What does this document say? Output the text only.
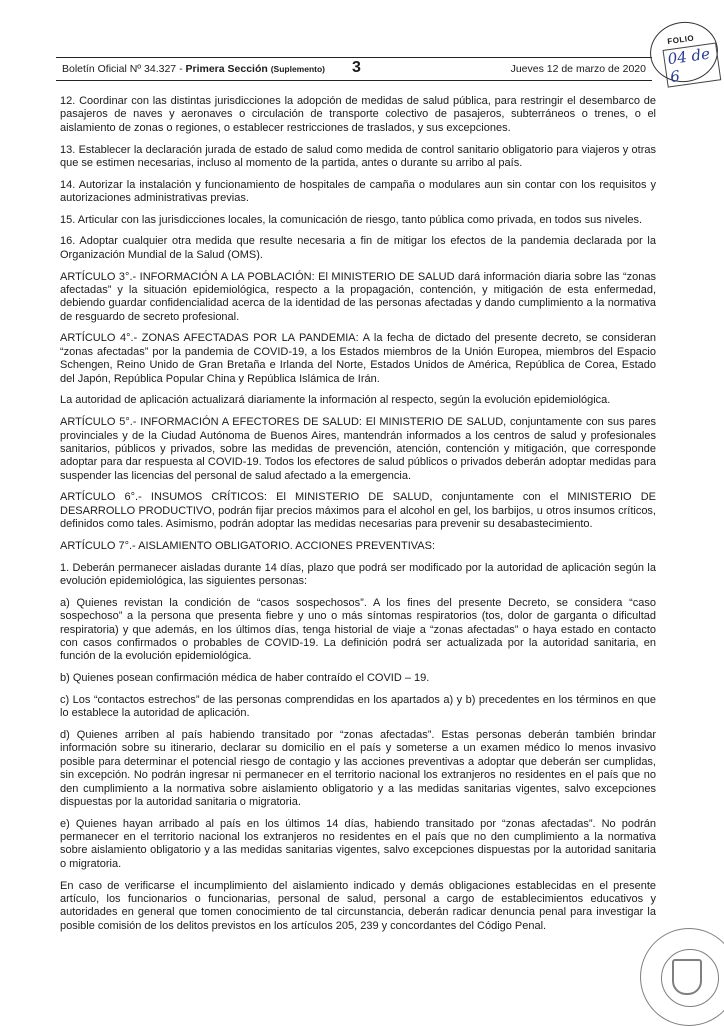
Boletín Oficial Nº 34.327 - Primera Sección (Suplemento) 3	Jueves 12 de marzo de 2020
FOLIO
04 de 6

12. Coordinar con las distintas jurisdicciones la adopción de medidas de salud pública, para restringir el desembarco de pasajeros de naves y aeronaves o circulación de transporte colectivo de pasajeros, subterráneos o trenes, o el aislamiento de zonas o regiones, o establecer restricciones de traslados, y sus excepciones.

13. Establecer la declaración jurada de estado de salud como medida de control sanitario obligatorio para viajeros y otras que se estimen necesarias, incluso al momento de la partida, antes o durante su arribo al país.

14. Autorizar la instalación y funcionamiento de hospitales de campaña o modulares aun sin contar con los requisitos y autorizaciones administrativas previas.

15. Articular con las jurisdicciones locales, la comunicación de riesgo, tanto pública como privada, en todos sus niveles.

16. Adoptar cualquier otra medida que resulte necesaria a fin de mitigar los efectos de la pandemia declarada por la Organización Mundial de la Salud (OMS).

ARTÍCULO 3°.- INFORMACIÓN A LA POBLACIÓN: El MINISTERIO DE SALUD dará información diaria sobre las “zonas afectadas” y la situación epidemiológica, respecto a la propagación, contención, y mitigación de esta enfermedad, debiendo guardar confidencialidad acerca de la identidad de las personas afectadas y dando cumplimiento a la normativa de resguardo de secreto profesional.

ARTÍCULO 4°.- ZONAS AFECTADAS POR LA PANDEMIA: A la fecha de dictado del presente decreto, se consideran “zonas afectadas” por la pandemia de COVID-19, a los Estados miembros de la Unión Europea, miembros del Espacio Schengen, Reino Unido de Gran Bretaña e Irlanda del Norte, Estados Unidos de América, República de Corea, Estado del Japón, República Popular China y República Islámica de Irán.

La autoridad de aplicación actualizará diariamente la información al respecto, según la evolución epidemiológica.

ARTÍCULO 5°.- INFORMACIÓN A EFECTORES DE SALUD: El MINISTERIO DE SALUD, conjuntamente con sus pares provinciales y de la Ciudad Autónoma de Buenos Aires, mantendrán informados a los centros de salud y profesionales sanitarios, públicos y privados, sobre las medidas de prevención, atención, contención y mitigación, que corresponde adoptar para dar respuesta al COVID-19. Todos los efectores de salud públicos o privados deberán adoptar medidas para suspender las licencias del personal de salud afectado a la emergencia.

ARTÍCULO 6°.- INSUMOS CRÍTICOS: El MINISTERIO DE SALUD, conjuntamente con el MINISTERIO DE DESARROLLO PRODUCTIVO, podrán fijar precios máximos para el alcohol en gel, los barbijos, u otros insumos críticos, definidos como tales. Asimismo, podrán adoptar las medidas necesarias para prevenir su desabastecimiento.

ARTÍCULO 7°.- AISLAMIENTO OBLIGATORIO. ACCIONES PREVENTIVAS:

1. Deberán permanecer aisladas durante 14 días, plazo que podrá ser modificado por la autoridad de aplicación según la evolución epidemiológica, las siguientes personas:

a) Quienes revistan la condición de “casos sospechosos”. A los fines del presente Decreto, se considera “caso sospechoso” a la persona que presenta fiebre y uno o más síntomas respiratorios (tos, dolor de garganta o dificultad respiratoria) y que además, en los últimos días, tenga historial de viaje a “zonas afectadas” o haya estado en contacto con casos confirmados o probables de COVID-19. La definición podrá ser actualizada por la autoridad sanitaria, en función de la evolución epidemiológica.

b) Quienes posean confirmación médica de haber contraído el COVID – 19.

c) Los “contactos estrechos” de las personas comprendidas en los apartados a) y b) precedentes en los términos en que lo establece la autoridad de aplicación.

d) Quienes arriben al país habiendo transitado por “zonas afectadas”. Estas personas deberán también brindar información sobre su itinerario, declarar su domicilio en el país y someterse a un examen médico lo menos invasivo posible para determinar el potencial riesgo de contagio y las acciones preventivas a adoptar que deberán ser cumplidas, sin excepción. No podrán ingresar ni permanecer en el territorio nacional los extranjeros no residentes en el país que no den cumplimiento a la normativa sobre aislamiento obligatorio y a las medidas sanitarias vigentes, salvo excepciones dispuestas por la autoridad sanitaria o migratoria.

e) Quienes hayan arribado al país en los últimos 14 días, habiendo transitado por “zonas afectadas”. No podrán permanecer en el territorio nacional los extranjeros no residentes en el país que no den cumplimiento a la normativa sobre aislamiento obligatorio y a las medidas sanitarias vigentes, salvo excepciones dispuestas por la autoridad sanitaria o migratoria.

En caso de verificarse el incumplimiento del aislamiento indicado y demás obligaciones establecidas en el presente artículo, los funcionarios o funcionarias, personal de salud, personal a cargo de establecimientos educativos y autoridades en general que tomen conocimiento de tal circunstancia, deberán radicar denuncia penal para investigar la posible comisión de los delitos previstos en los artículos 205, 239 y concordantes del Código Penal.
